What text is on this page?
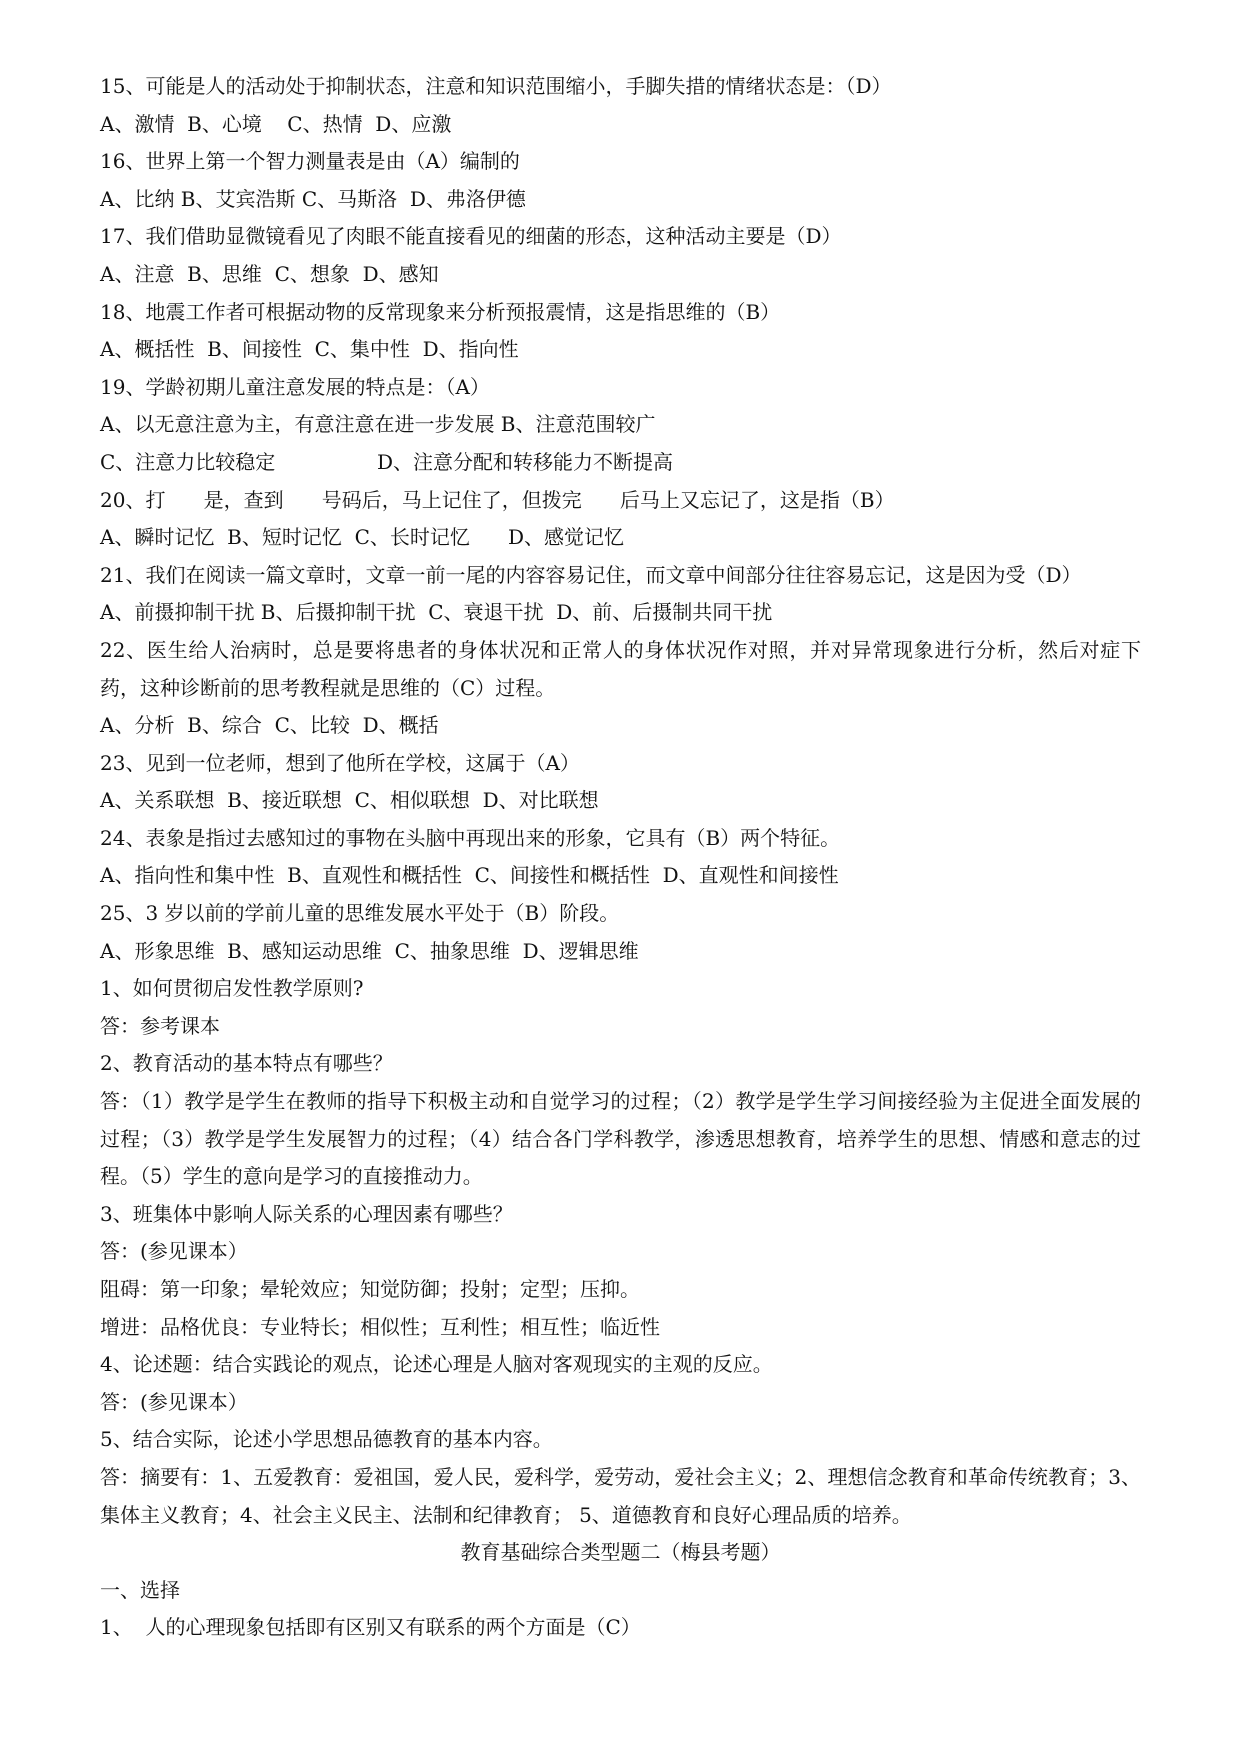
15、可能是人的活动处于抑制状态，注意和知识范围缩小，手脚失措的情绪状态是：（D）
A、激情  B、心境    C、热情  D、应激
16、世界上第一个智力测量表是由（A）编制的
A、比纳 B、艾宾浩斯 C、马斯洛  D、弗洛伊德
17、我们借助显微镜看见了肉眼不能直接看见的细菌的形态，这种活动主要是（D）
A、注意  B、思维  C、想象  D、感知
18、地震工作者可根据动物的反常现象来分析预报震情，这是指思维的（B）
A、概括性  B、间接性  C、集中性  D、指向性
19、学龄初期儿童注意发展的特点是：（A）
A、以无意注意为主，有意注意在进一步发展 B、注意范围较广
C、注意力比较稳定                D、注意分配和转移能力不断提高
20、打      是，查到      号码后，马上记住了，但拨完      后马上又忘记了，这是指（B）
A、瞬时记忆  B、短时记忆  C、长时记忆      D、感觉记忆
21、我们在阅读一篇文章时，文章一前一尾的内容容易记住，而文章中间部分往往容易忘记，这是因为受（D）
A、前摄抑制干扰 B、后摄抑制干扰  C、衰退干扰  D、前、后摄制共同干扰
22、医生给人治病时，总是要将患者的身体状况和正常人的身体状况作对照，并对异常现象进行分析，然后对症下药，这种诊断前的思考教程就是思维的（C）过程。
A、分析  B、综合  C、比较  D、概括
23、见到一位老师，想到了他所在学校，这属于（A）
A、关系联想  B、接近联想  C、相似联想  D、对比联想
24、表象是指过去感知过的事物在头脑中再现出来的形象，它具有（B）两个特征。
A、指向性和集中性  B、直观性和概括性  C、间接性和概括性  D、直观性和间接性
25、3 岁以前的学前儿童的思维发展水平处于（B）阶段。
A、形象思维  B、感知运动思维  C、抽象思维  D、逻辑思维
1、如何贯彻启发性教学原则?
答：参考课本
2、教育活动的基本特点有哪些？
答：（1）教学是学生在教师的指导下积极主动和自觉学习的过程；（2）教学是学生学习间接经验为主促进全面发展的过程；（3）教学是学生发展智力的过程；（4）结合各门学科教学，渗透思想教育，培养学生的思想、情感和意志的过程。（5）学生的意向是学习的直接推动力。
3、班集体中影响人际关系的心理因素有哪些？
答：(参见课本）
阻碍：第一印象；晕轮效应；知觉防御；投射；定型；压抑。
增进：品格优良：专业特长；相似性；互利性；相互性；临近性
4、论述题：结合实践论的观点，论述心理是人脑对客观现实的主观的反应。
答：(参见课本）
5、结合实际，论述小学思想品德教育的基本内容。
答：摘要有：1、五爱教育：爱祖国，爱人民，爱科学，爱劳动，爱社会主义；2、理想信念教育和革命传统教育；3、集体主义教育；4、社会主义民主、法制和纪律教育； 5、道德教育和良好心理品质的培养。
教育基础综合类型题二（梅县考题）
一、选择
1、  人的心理现象包括即有区别又有联系的两个方面是（C）
